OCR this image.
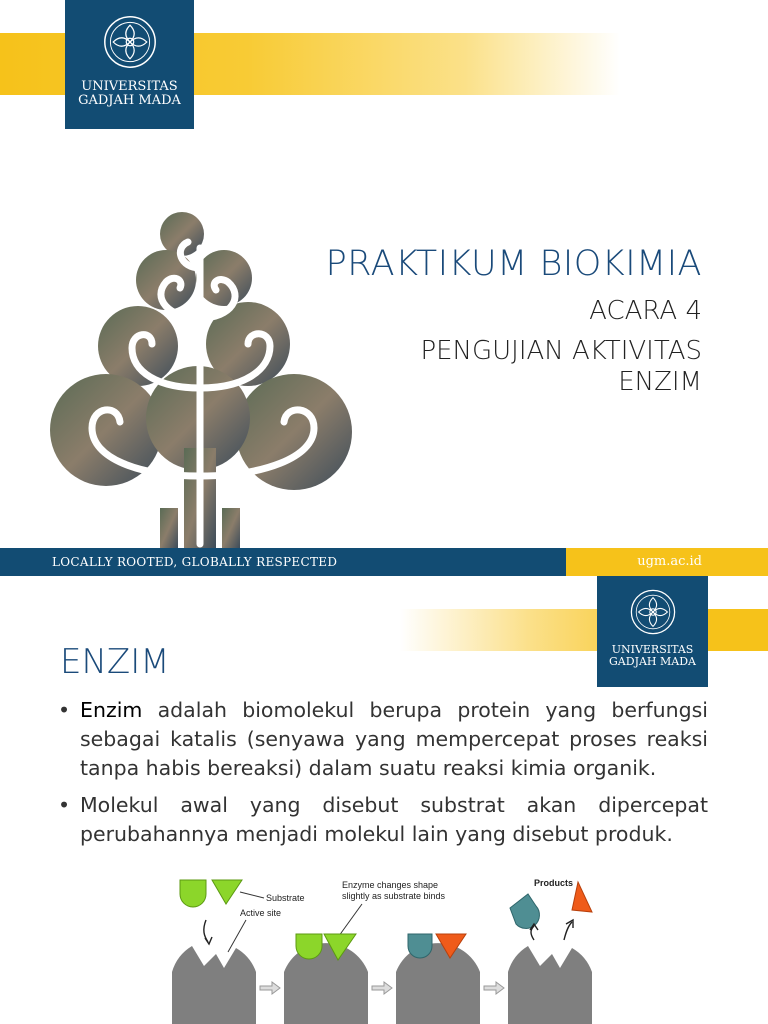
UNIVERSITAS
GADJAH MADA
PRAKTIKUM BIOKIMIA
ACARA 4
PENGUJIAN AKTIVITAS ENZIM
LOCALLY ROOTED, GLOBALLY RESPECTED	ugm.ac.id
UNIVERSITAS
GADJAH MADA
ENZIM
• Enzim adalah biomolekul berupa protein yang berfungsi sebagai katalis (senyawa yang mempercepat proses reaksi tanpa habis bereaksi) dalam suatu reaksi kimia organik.
• Molekul awal yang disebut substrat akan dipercepat perubahannya menjadi molekul lain yang disebut produk.
Substrate
Active site
Enzyme changes shape
slightly as substrate binds
Products
